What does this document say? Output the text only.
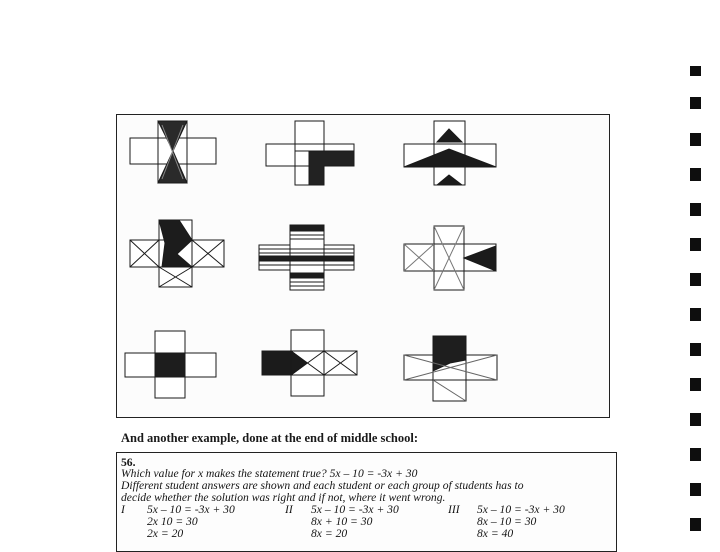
And another example, done at the end of middle school:
56.
Which value for x makes the statement true? 5x – 10 = -3x + 30
Different student answers are shown and each student or each group of students has to
decide whether the solution was right and if not, where it went wrong.
I 5x – 10 = -3x + 30
2x 10 = 30
2x = 20
II 5x – 10 = -3x + 30
8x + 10 = 30
8x = 20
III 5x – 10 = -3x + 30
8x – 10 = 30
8x = 40
